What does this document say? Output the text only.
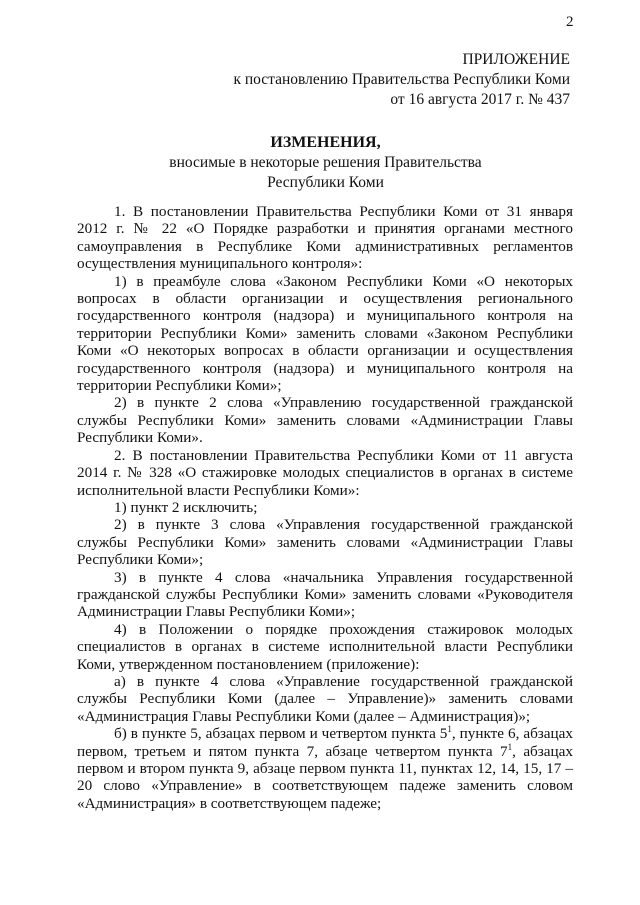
2
ПРИЛОЖЕНИЕ
к постановлению Правительства Республики Коми
от 16 августа 2017 г. № 437
ИЗМЕНЕНИЯ,
вносимые в некоторые решения Правительства
Республики Коми

1. В постановлении Правительства Республики Коми от 31 января 2012 г. № 22 «О Порядке разработки и принятия органами местного самоуправления в Республике Коми административных регламентов осуществления муниципального контроля»:

1) в преамбуле слова «Законом Республики Коми «О некоторых вопросах в области организации и осуществления регионального государственного контроля (надзора) и муниципального контроля на территории Республики Коми» заменить словами «Законом Республики Коми «О некоторых вопросах в области организации и осуществления государственного контроля (надзора) и муниципального контроля на территории Республики Коми»;

2) в пункте 2 слова «Управлению государственной гражданской службы Республики Коми» заменить словами «Администрации Главы Республики Коми».

2. В постановлении Правительства Республики Коми от 11 августа 2014 г. № 328 «О стажировке молодых специалистов в органах в системе исполнительной власти Республики Коми»:

1) пункт 2 исключить;

2) в пункте 3 слова «Управления государственной гражданской службы Республики Коми» заменить словами «Администрации Главы Республики Коми»;

3) в пункте 4 слова «начальника Управления государственной гражданской службы Республики Коми» заменить словами «Руководителя Администрации Главы Республики Коми»;

4) в Положении о порядке прохождения стажировок молодых специалистов в органах в системе исполнительной власти Республики Коми, утвержденном постановлением (приложение):

а) в пункте 4 слова «Управление государственной гражданской службы Республики Коми (далее – Управление)» заменить словами «Администрация Главы Республики Коми (далее – Администрация)»;

б) в пункте 5, абзацах первом и четвертом пункта $5^1$, пункте 6, абзацах первом, третьем и пятом пункта 7, абзаце четвертом пункта $7^1$, абзацах первом и втором пункта 9, абзаце первом пункта 11, пунктах 12, 14, 15, 17 – 20 слово «Управление» в соответствующем падеже заменить словом «Администрация» в соответствующем падеже;
